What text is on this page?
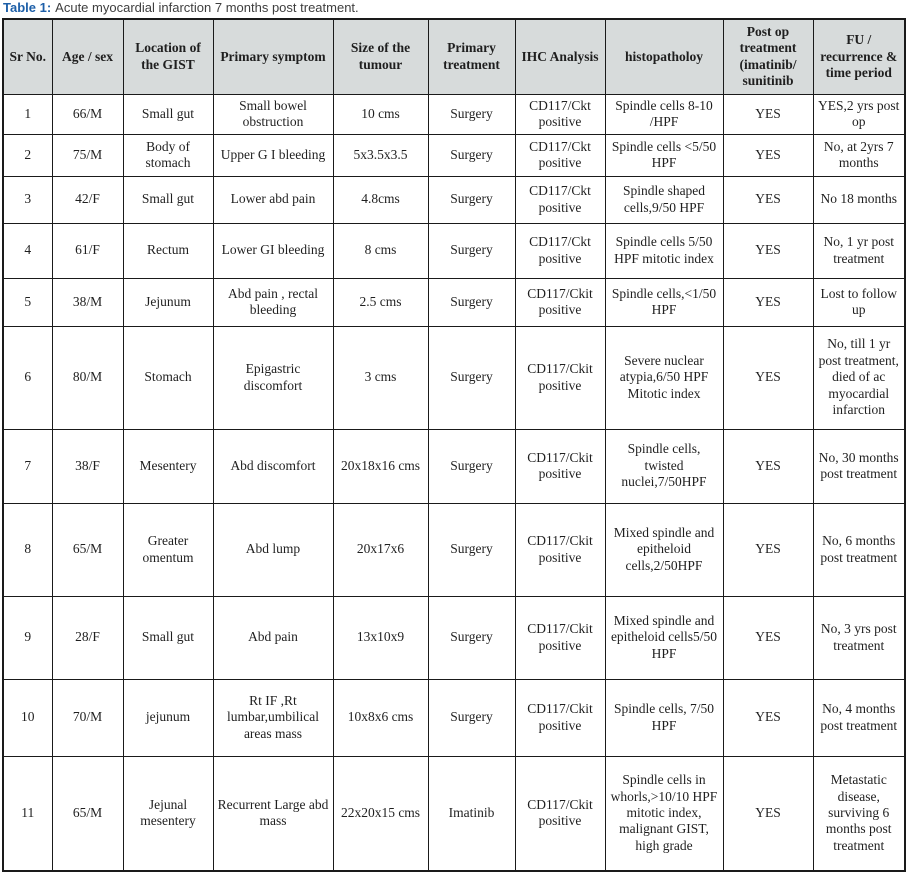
Table 1: Acute myocardial infarction 7 months post treatment.

Sr No.	Age / sex	Location of the GIST	Primary symptom	Size of the tumour	Primary treatment	IHC Analysis	histopatholoy	Post op treatment (imatinib/ sunitinib	FU / recurrence & time period
1	66/M	Small gut	Small bowel obstruction	10 cms	Surgery	CD117/Ckt positive	Spindle cells 8-10 /HPF	YES	YES,2 yrs post op
2	75/M	Body of stomach	Upper G I bleeding	5x3.5x3.5	Surgery	CD117/Ckt positive	Spindle cells <5/50 HPF	YES	No, at 2yrs 7 months
3	42/F	Small gut	Lower abd pain	4.8cms	Surgery	CD117/Ckt positive	Spindle shaped cells,9/50 HPF	YES	No 18 months
4	61/F	Rectum	Lower GI bleeding	8 cms	Surgery	CD117/Ckt positive	Spindle cells 5/50 HPF mitotic index	YES	No, 1 yr post treatment
5	38/M	Jejunum	Abd pain , rectal bleeding	2.5 cms	Surgery	CD117/Ckit positive	Spindle cells,<1/50 HPF	YES	Lost to follow up
6	80/M	Stomach	Epigastric discomfort	3 cms	Surgery	CD117/Ckit positive	Severe nuclear atypia,6/50 HPF Mitotic index	YES	No, till 1 yr post treatment, died of ac myocardial infarction
7	38/F	Mesentery	Abd discomfort	20x18x16 cms	Surgery	CD117/Ckit positive	Spindle cells, twisted nuclei,7/50HPF	YES	No, 30 months post treatment
8	65/M	Greater omentum	Abd lump	20x17x6	Surgery	CD117/Ckit positive	Mixed spindle and epitheloid cells,2/50HPF	YES	No, 6 months post treatment
9	28/F	Small gut	Abd pain	13x10x9	Surgery	CD117/Ckit positive	Mixed spindle and epitheloid cells5/50 HPF	YES	No, 3 yrs post treatment
10	70/M	jejunum	Rt IF ,Rt lumbar,umbilical areas mass	10x8x6 cms	Surgery	CD117/Ckit positive	Spindle cells, 7/50 HPF	YES	No, 4 months post treatment
11	65/M	Jejunal mesentery	Recurrent Large abd mass	22x20x15 cms	Imatinib	CD117/Ckit positive	Spindle cells in whorls,>10/10 HPF mitotic index, malignant GIST, high grade	YES	Metastatic disease, surviving 6 months post treatment
